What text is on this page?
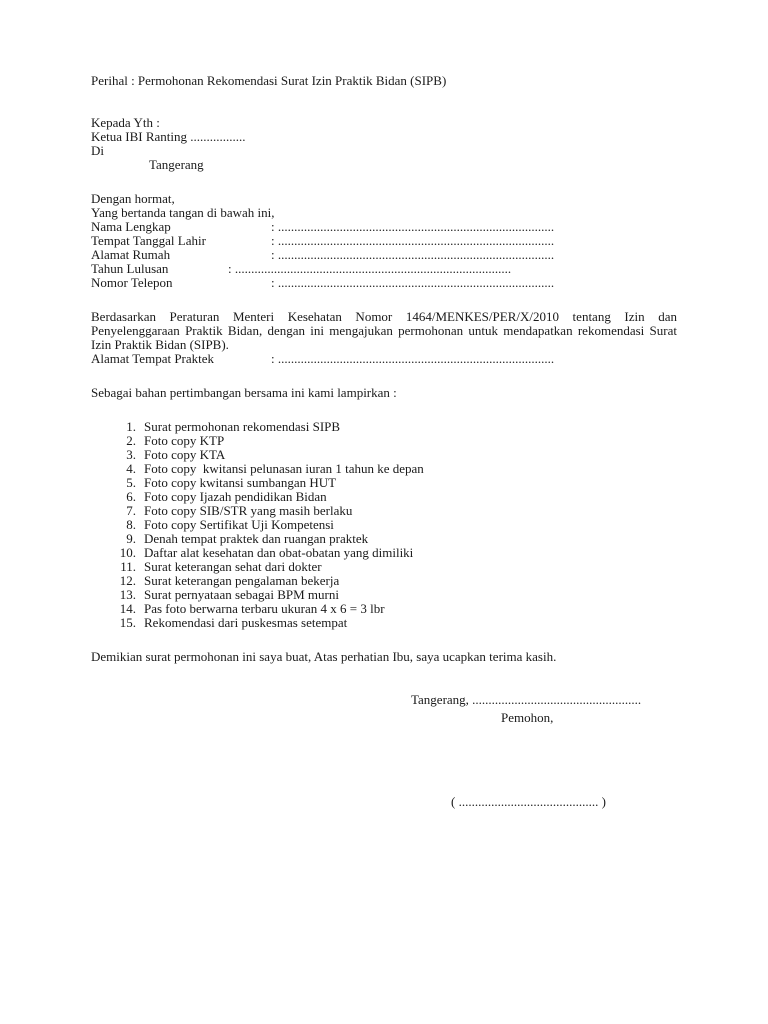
Perihal : Permohonan Rekomendasi Surat Izin Praktik Bidan (SIPB)
Kepada Yth :
Ketua IBI Ranting .................
Di
Tangerang
Dengan hormat,
Yang bertanda tangan di bawah ini,
Nama Lengkap	: .....................................................................................
Tempat Tanggal Lahir	: .....................................................................................
Alamat Rumah	: .....................................................................................
Tahun Lulusan	: .....................................................................................
Nomor Telepon	: .....................................................................................
Berdasarkan Peraturan Menteri Kesehatan Nomor 1464/MENKES/PER/X/2010 tentang Izin dan Penyelenggaraan Praktik Bidan, dengan ini mengajukan permohonan untuk mendapatkan rekomendasi Surat Izin Praktik Bidan (SIPB).
Alamat Tempat Praktek	: .....................................................................................
Sebagai bahan pertimbangan bersama ini kami lampirkan :
1. Surat permohonan rekomendasi SIPB
2. Foto copy KTP
3. Foto copy KTA
4. Foto copy  kwitansi pelunasan iuran 1 tahun ke depan
5. Foto copy kwitansi sumbangan HUT
6. Foto copy Ijazah pendidikan Bidan
7. Foto copy SIB/STR yang masih berlaku
8. Foto copy Sertifikat Uji Kompetensi
9. Denah tempat praktek dan ruangan praktek
10. Daftar alat kesehatan dan obat-obatan yang dimiliki
11. Surat keterangan sehat dari dokter
12. Surat keterangan pengalaman bekerja
13. Surat pernyataan sebagai BPM murni
14. Pas foto berwarna terbaru ukuran 4 x 6 = 3 lbr
15. Rekomendasi dari puskesmas setempat
Demikian surat permohonan ini saya buat, Atas perhatian Ibu, saya ucapkan terima kasih.
Tangerang, ....................................................
Pemohon,
( ........................................... )
